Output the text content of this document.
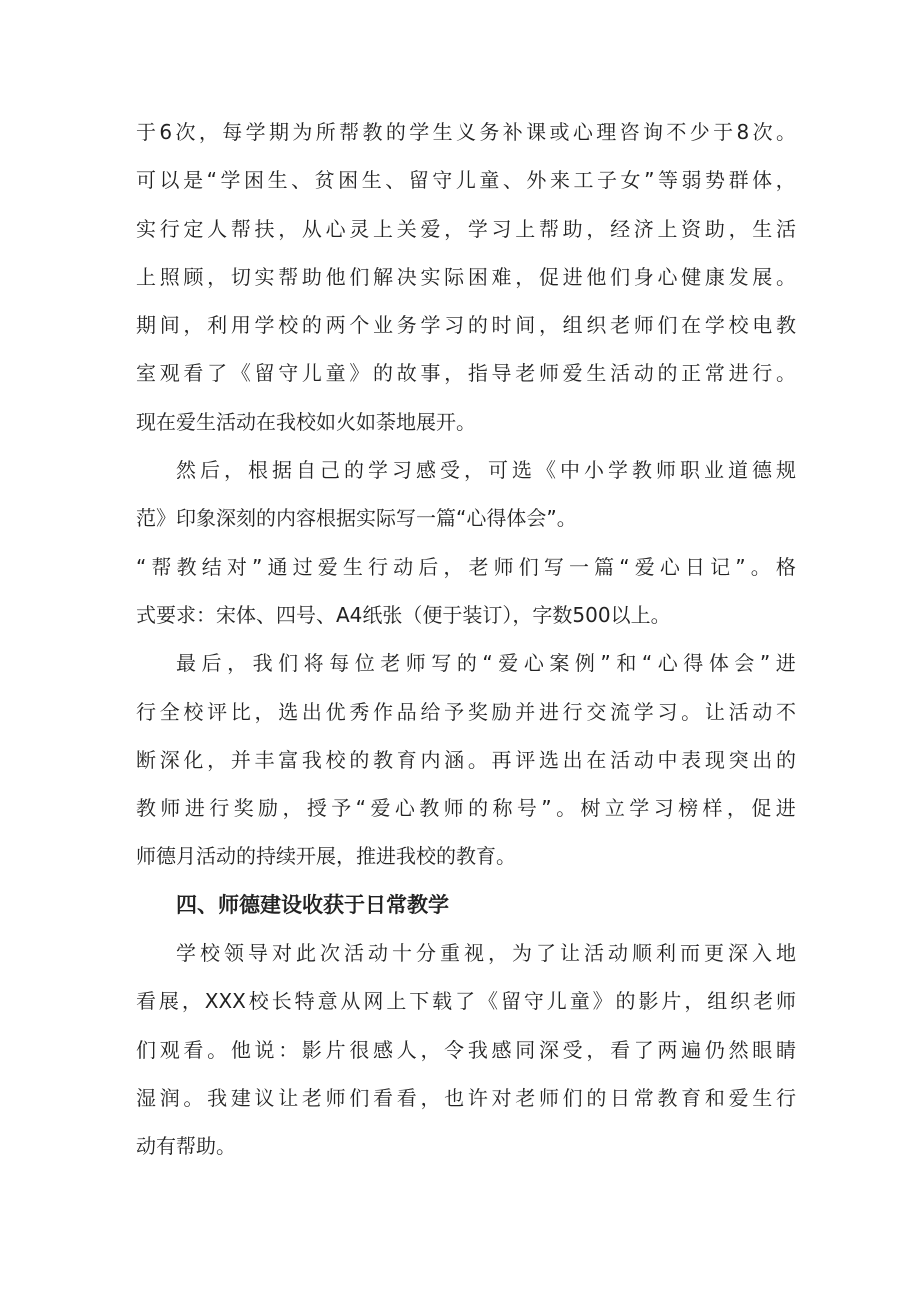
于 6 次 ， 每 学 期 为 所 帮 教 的 学 生 义 务 补 课 或 心 理 咨 询 不 少 于 8 次 。
可 以 是 “ 学 困 生 、 贫 困 生 、 留 守 儿 童 、 外 来 工 子 女 ” 等 弱 势 群 体 ，
实 行 定 人 帮 扶 ， 从 心 灵 上 关 爱 ， 学 习 上 帮 助 ， 经 济 上 资 助 ， 生 活
上 照 顾 ， 切 实 帮 助 他 们 解 决 实 际 困 难 ， 促 进 他 们 身 心 健 康 发 展 。
期 间 ， 利 用 学 校 的 两 个 业 务 学 习 的 时 间 ， 组 织 老 师 们 在 学 校 电 教
室 观 看 了 《 留 守 儿 童 》 的 故 事 ， 指 导 老 师 爱 生 活 动 的 正 常 进 行 。
现在爱生活动在我校如火如荼地展开。
然 后 ， 根 据 自 己 的 学 习 感 受 ， 可 选 《 中 小 学 教 师 职 业 道 德 规
范》印象深刻的内容根据实际写一篇“心得体会”。
“ 帮 教 结 对 ” 通 过 爱 生 行 动 后 ， 老 师 们 写 一 篇 “ 爱 心 日 记 ” 。 格
式要求：宋体、四号、A4纸张（便于装订），字数500以上。
最 后 ， 我 们 将 每 位 老 师 写 的 “ 爱 心 案 例 ” 和 “ 心 得 体 会 ” 进
行 全 校 评 比 ， 选 出 优 秀 作 品 给 予 奖 励 并 进 行 交 流 学 习 。 让 活 动 不
断 深 化 ， 并 丰 富 我 校 的 教 育 内 涵 。 再 评 选 出 在 活 动 中 表 现 突 出 的
教 师 进 行 奖 励 ， 授 予 “ 爱 心 教 师 的 称 号 ” 。 树 立 学 习 榜 样 ， 促 进
师德月活动的持续开展，推进我校的教育。
四、师德建设收获于日常教学
学 校 领 导 对 此 次 活 动 十 分 重 视 ， 为 了 让 活 动 顺 利 而 更 深 入 地
看 展 ， XXX 校 长 特 意 从 网 上 下 载 了 《 留 守 儿 童 》 的 影 片 ， 组 织 老 师
们 观 看 。 他 说 ： 影 片 很 感 人 ， 令 我 感 同 深 受 ， 看 了 两 遍 仍 然 眼 睛
湿 润 。 我 建 议 让 老 师 们 看 看 ， 也 许 对 老 师 们 的 日 常 教 育 和 爱 生 行
动有帮助。
